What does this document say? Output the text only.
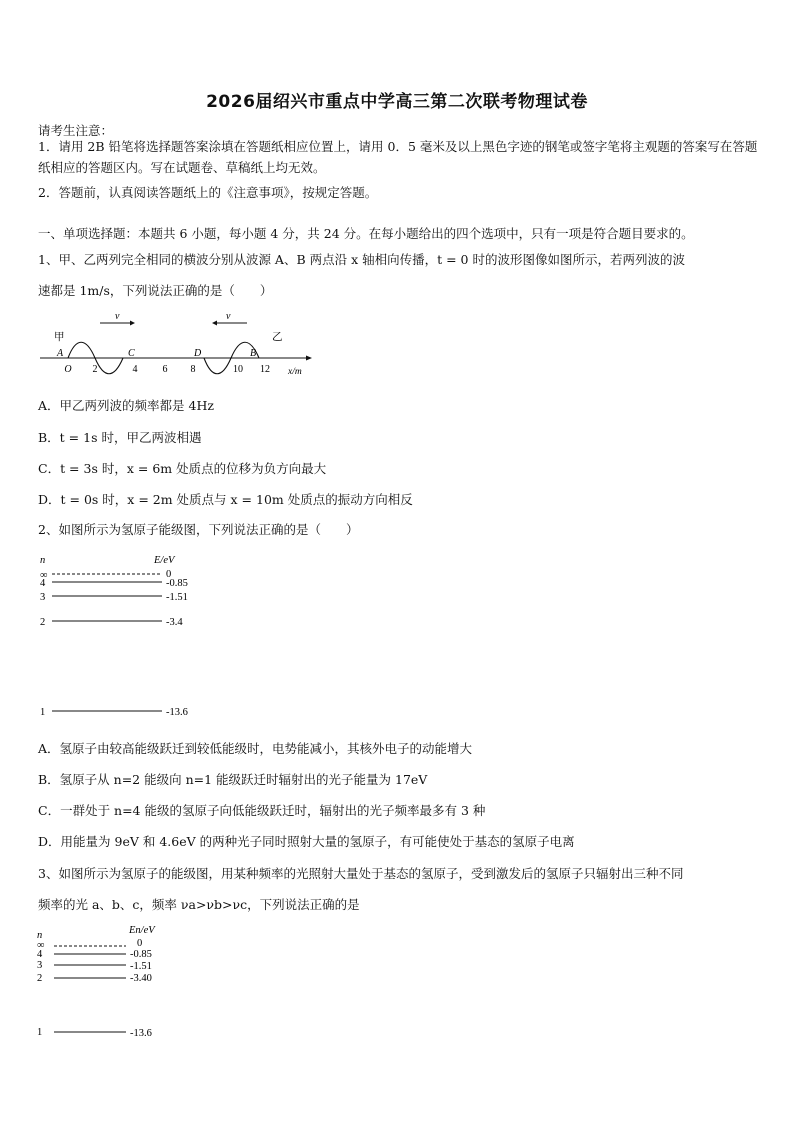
2026届绍兴市重点中学高三第二次联考物理试卷
请考生注意：
1．请用 2B 铅笔将选择题答案涂填在答题纸相应位置上，请用 0．5 毫米及以上黑色字迹的钢笔或签字笔将主观题的答案写在答题纸相应的答题区内。写在试题卷、草稿纸上均无效。
2．答题前，认真阅读答题纸上的《注意事项》，按规定答题。
一、单项选择题：本题共 6 小题，每小题 4 分，共 24 分。在每小题给出的四个选项中，只有一项是符合题目要求的。
1、甲、乙两列完全相同的横波分别从波源 A、B 两点沿 x 轴相向传播，t = 0 时的波形图像如图所示，若两列波的波
速都是 1m/s，下列说法正确的是（　　）
v	v
甲	乙
A	C	D	B
O 2	4	6 8	10 12 x/m
A．甲乙两列波的频率都是 4Hz
B．t = 1s 时，甲乙两波相遇
C．t = 3s 时，x = 6m 处质点的位移为负方向最大
D．t = 0s 时，x = 2m 处质点与 x = 10m 处质点的振动方向相反
2、如图所示为氢原子能级图，下列说法正确的是（　　）
n	E/eV
∞	0
4	-0.85
3	-1.51
2	-3.4
1	-13.6
A．氢原子由较高能级跃迁到较低能级时，电势能减小，其核外电子的动能增大
B．氢原子从 n=2 能级向 n=1 能级跃迁时辐射出的光子能量为 17eV
C．一群处于 n=4 能级的氢原子向低能级跃迁时，辐射出的光子频率最多有 3 种
D．用能量为 9eV 和 4.6eV 的两种光子同时照射大量的氢原子，有可能使处于基态的氢原子电离
3、如图所示为氢原子的能级图，用某种频率的光照射大量处于基态的氢原子，受到激发后的氢原子只辐射出三种不同
频率的光 a、b、c，频率 νa>νb>νc，下列说法正确的是
n	En/eV
∞	0
4	-0.85
3	-1.51
2	-3.40
1	-13.6
